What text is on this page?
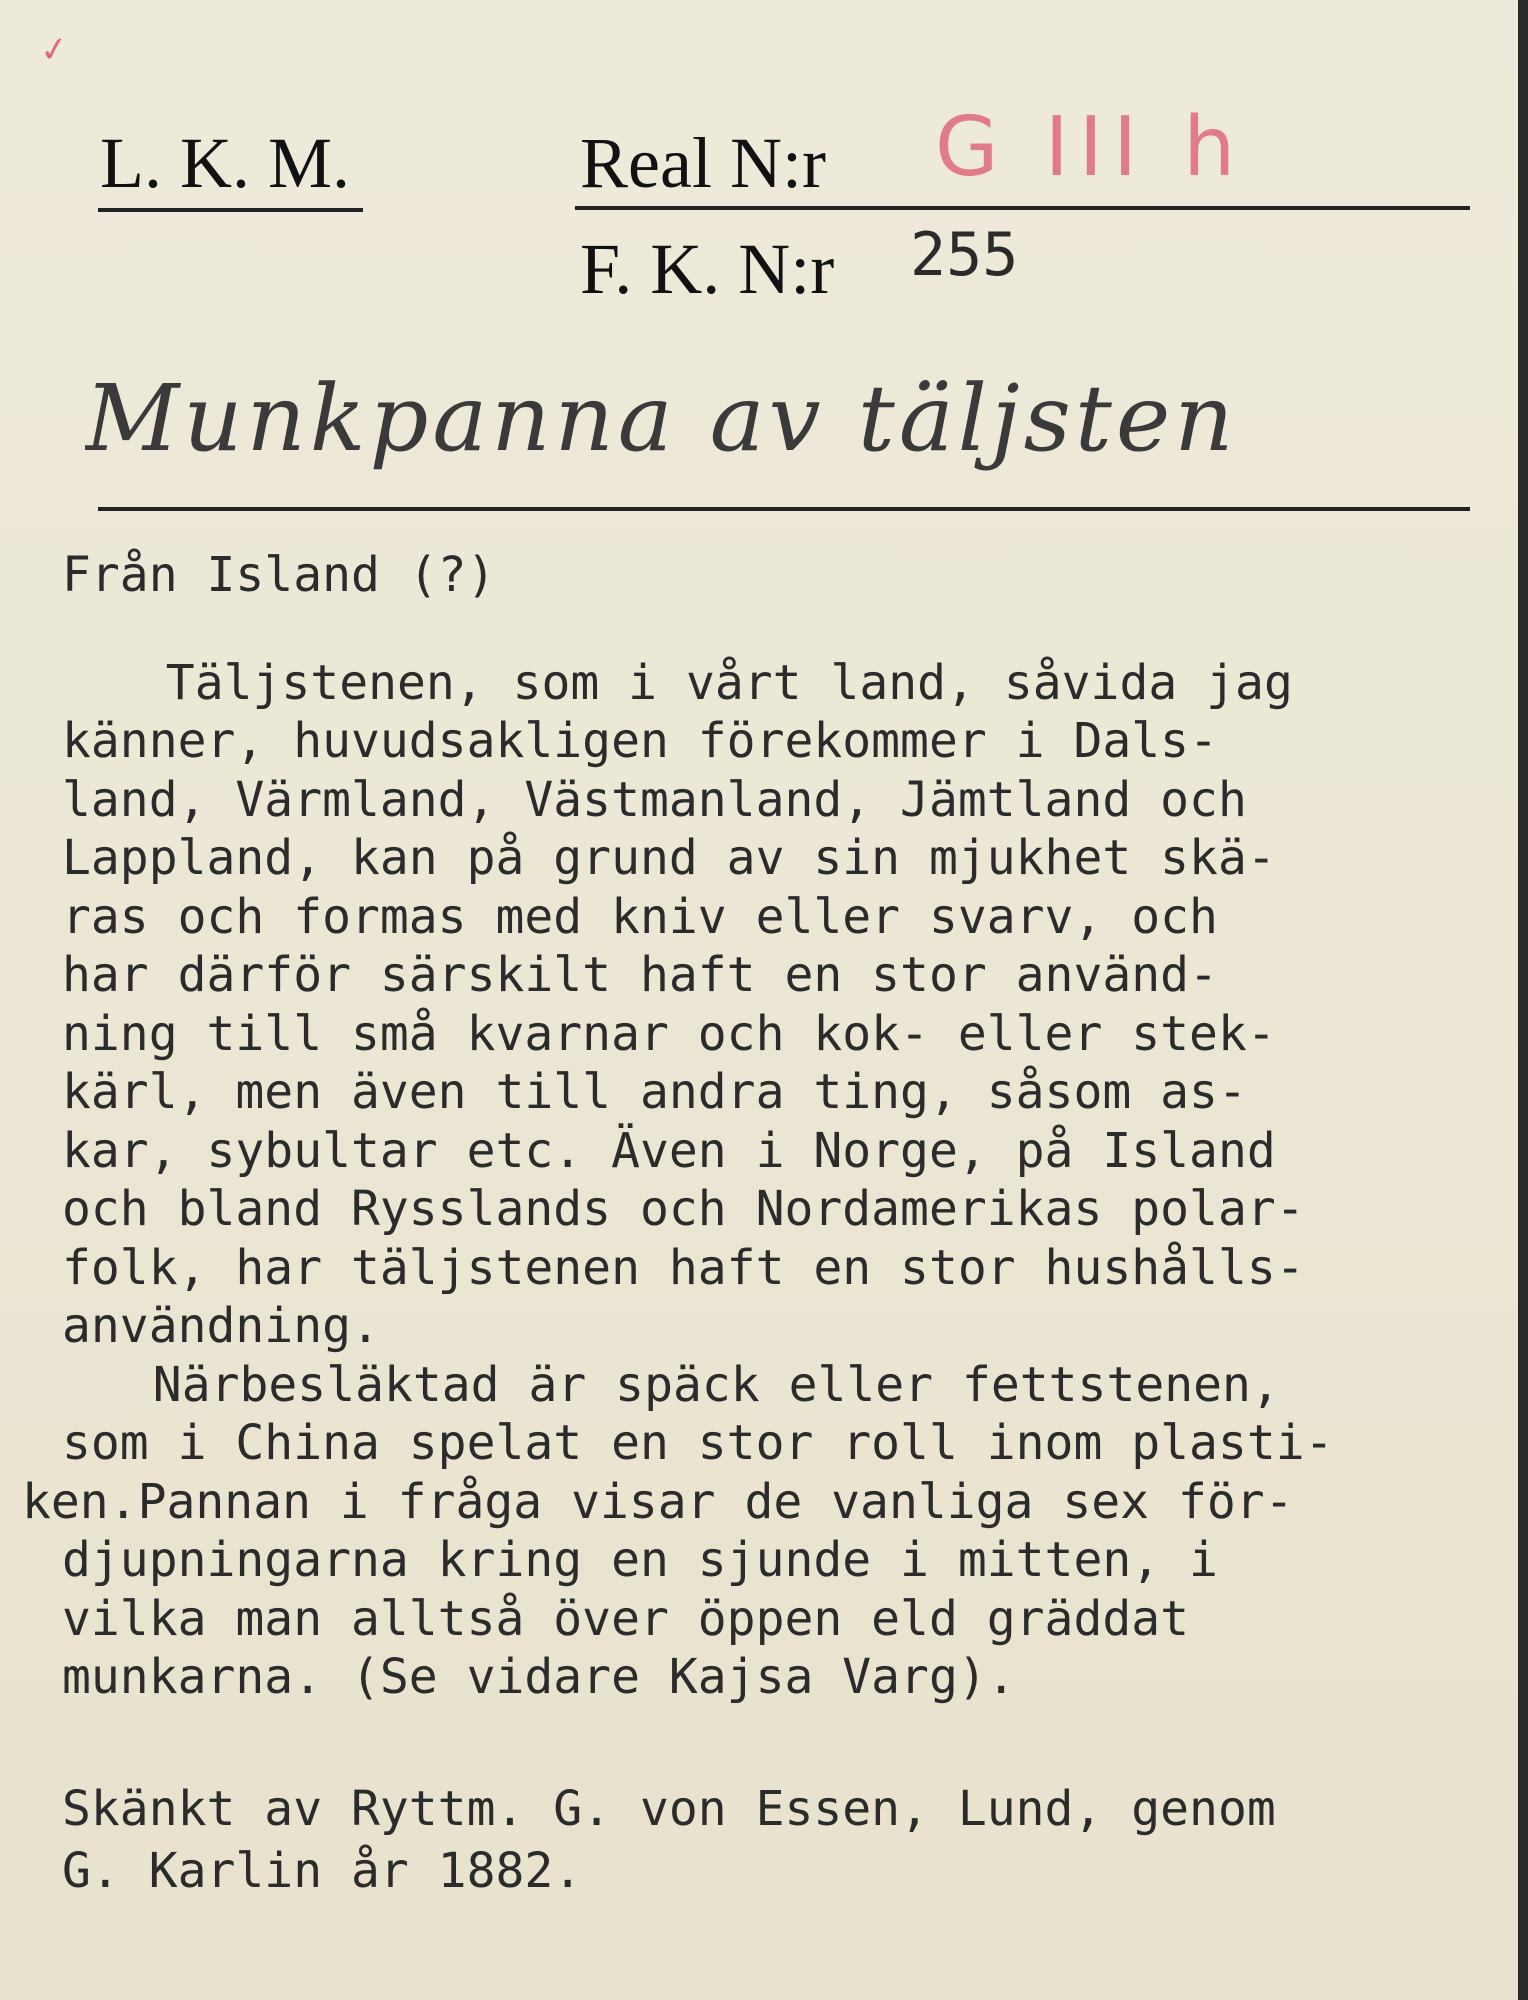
✓
L. K. M.	Real N:r G III h
F. K. N:r 255
Munkpanna av täljsten
Från Island (?)
Täljstenen, som i vårt land, såvida jag
känner, huvudsakligen förekommer i Dals-
land, Värmland, Västmanland, Jämtland och
Lappland, kan på grund av sin mjukhet skä-
ras och formas med kniv eller svarv, och
har därför särskilt haft en stor använd-
ning till små kvarnar och kok- eller stek-
kärl, men även till andra ting, såsom as-
kar, sybultar etc. Även i Norge, på Island
och bland Rysslands och Nordamerikas polar-
folk, har täljstenen haft en stor hushålls-
användning.
Närbesläktad är späck eller fettstenen,
som i China spelat en stor roll inom plasti-
ken.Pannan i fråga visar de vanliga sex för-
djupningarna kring en sjunde i mitten, i
vilka man alltså över öppen eld gräddat
munkarna. (Se vidare Kajsa Varg).
Skänkt av Ryttm. G. von Essen, Lund, genom
G. Karlin år 1882.
